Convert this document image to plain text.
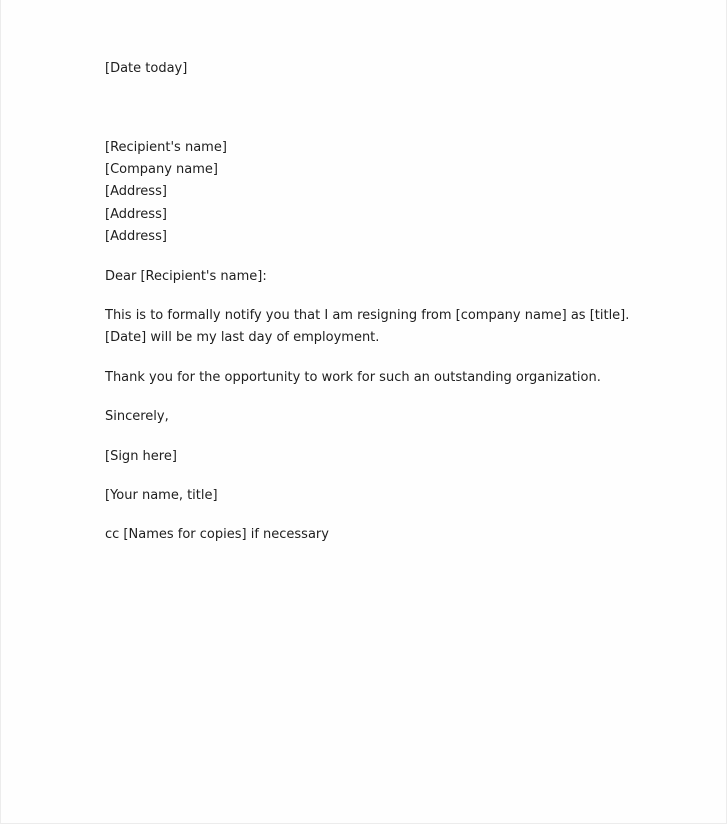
[Date today]
[Recipient's name]
[Company name]
[Address]
[Address]
[Address]
Dear [Recipient's name]:
This is to formally notify you that I am resigning from [company name] as [title].
[Date] will be my last day of employment.
Thank you for the opportunity to work for such an outstanding organization.
Sincerely,
[Sign here]
[Your name, title]
cc [Names for copies] if necessary
